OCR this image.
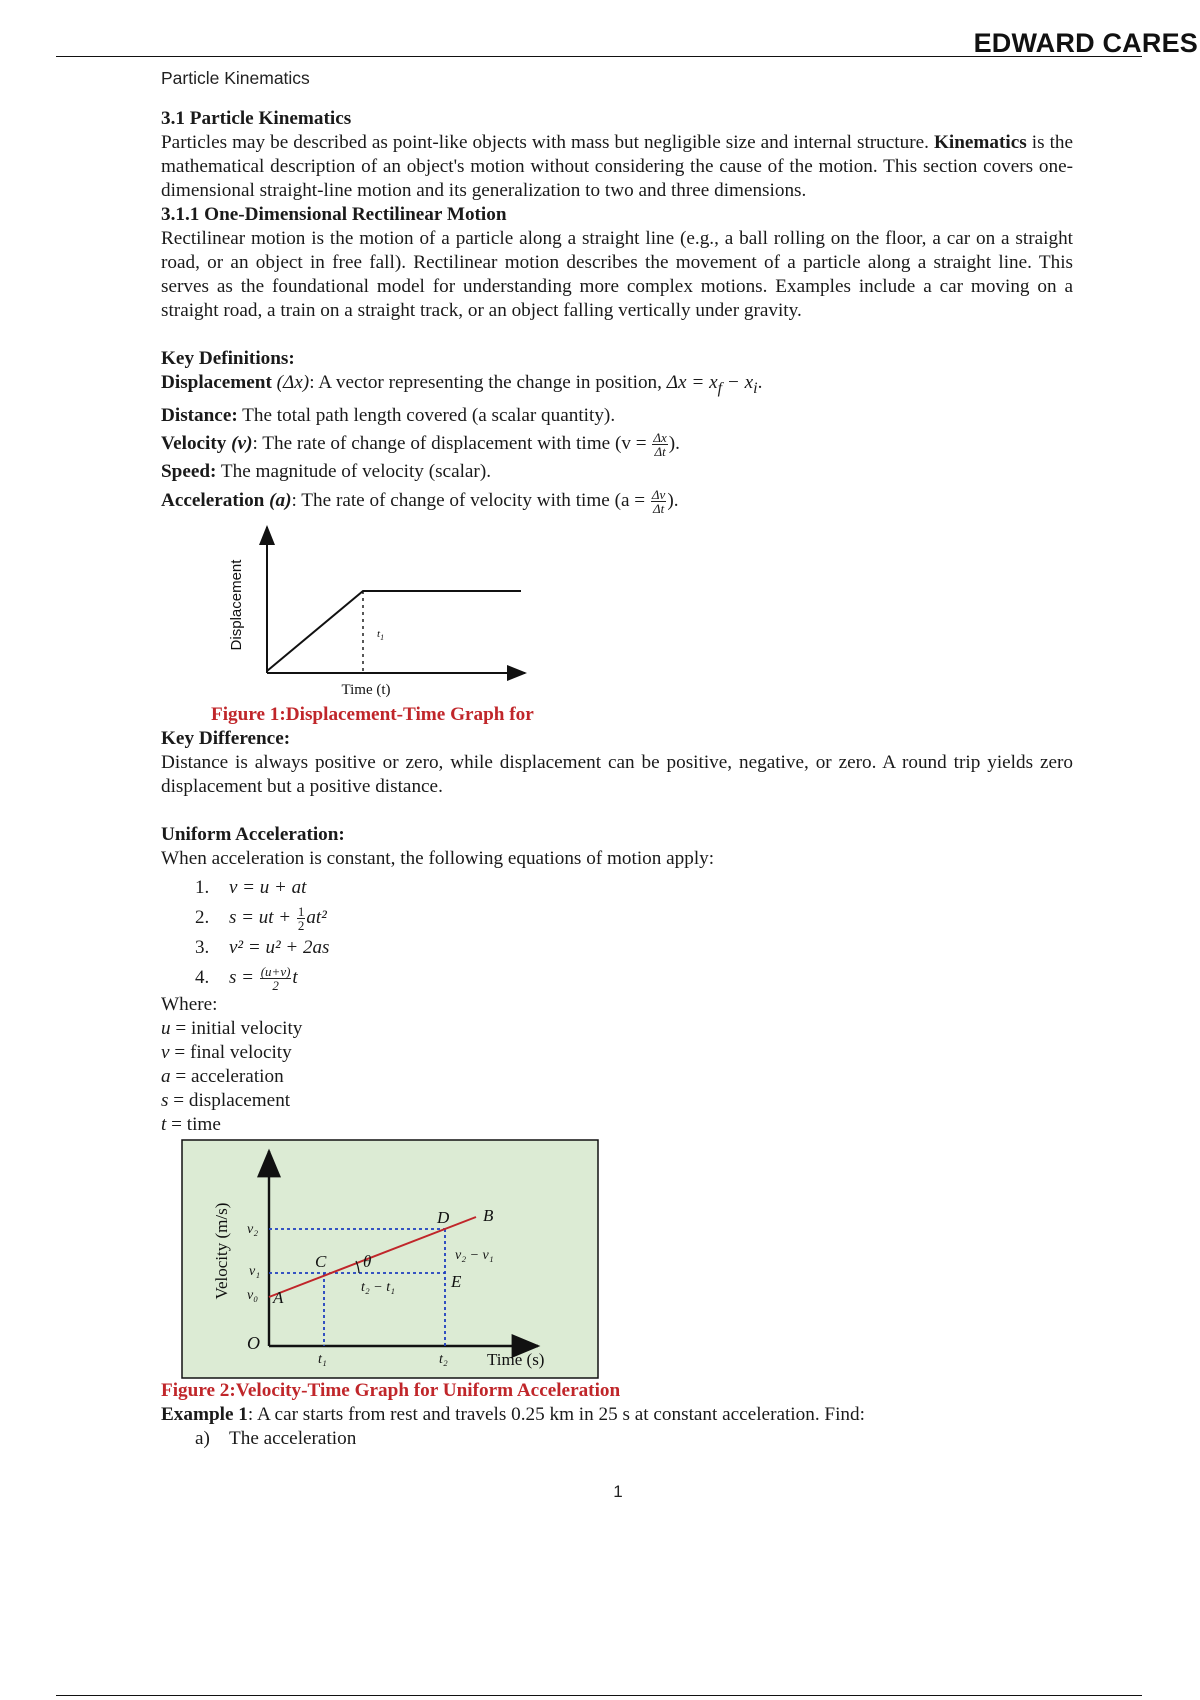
EDWARD CARES
Particle Kinematics

3.1 Particle Kinematics

Particles may be described as point-like objects with mass but negligible size and internal structure. Kinematics is the mathematical description of an object's motion without considering the cause of the motion. This section covers one-dimensional straight-line motion and its generalization to two and three dimensions.

3.1.1 One-Dimensional Rectilinear Motion

Rectilinear motion is the motion of a particle along a straight line (e.g., a ball rolling on the floor, a car on a straight road, or an object in free fall). Rectilinear motion describes the movement of a particle along a straight line. This serves as the foundational model for understanding more complex motions. Examples include a car moving on a straight road, a train on a straight track, or an object falling vertically under gravity.

Key Definitions:

Displacement (Δx): A vector representing the change in position, $\Delta x = x_f - x_i$.

Distance: The total path length covered (a scalar quantity).

Velocity (v): The rate of change of displacement with time ($v = \frac{\Delta x}{\Delta t}$ ).

Speed: The magnitude of velocity (scalar).

Acceleration (a): The rate of change of velocity with time ($a = \frac{\Delta v}{\Delta t}$ ).

$t_1$
Displacement
Time (t)

Figure 1:Displacement-Time Graph for

Key Difference:

Distance is always positive or zero, while displacement can be positive, negative, or zero. A round trip yields zero displacement but a positive distance.

Uniform Acceleration:

When acceleration is constant, the following equations of motion apply:

1. v = u + at
2. s = ut + $\frac{1}{2} at^2$
3. v² = u² + 2as
4. $s = \frac{(u+v)}{2}$ t

Where:

u = initial velocity
v = final velocity
a = acceleration
s = displacement
t = time
O
A
B
C
D
E
θ
v₂
v₁
v₀
t₁	t₂
v₂ − v₁
t₂ − t₁
Velocity (m/s)
Time (s)

Figure 2:Velocity-Time Graph for Uniform Acceleration

Example 1: A car starts from rest and travels 0.25 km in 25 s at constant acceleration. Find:

a) The acceleration

1
